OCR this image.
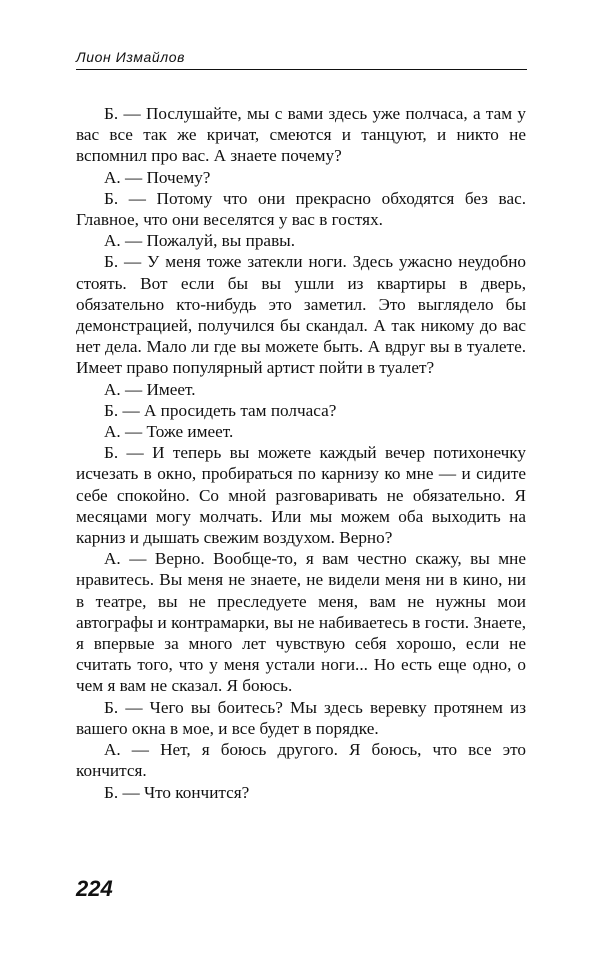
Лион Измайлов

Б. — Послушайте, мы с вами здесь уже полчаса, а там у вас все так же кричат, смеются и танцуют, и никто не вспомнил про вас. А знаете почему?

А. — Почему?

Б. — Потому что они прекрасно обходятся без вас. Главное, что они веселятся у вас в гостях.

А. — Пожалуй, вы правы.

Б. — У меня тоже затекли ноги. Здесь ужасно неудобно стоять. Вот если бы вы ушли из квартиры в дверь, обязательно кто-нибудь это заметил. Это выглядело бы демонстрацией, получился бы скандал. А так никому до вас нет дела. Мало ли где вы можете быть. А вдруг вы в туалете. Имеет право популярный артист пойти в туалет?

А. — Имеет.

Б. — А просидеть там полчаса?

А. — Тоже имеет.

Б. — И теперь вы можете каждый вечер потихонечку исчезать в окно, пробираться по карнизу ко мне — и сидите себе спокойно. Со мной разговаривать не обязательно. Я месяцами могу молчать. Или мы можем оба выходить на карниз и дышать свежим воздухом. Верно?

А. — Верно. Вообще-то, я вам честно скажу, вы мне нравитесь. Вы меня не знаете, не видели меня ни в кино, ни в театре, вы не преследуете меня, вам не нужны мои автографы и контрамарки, вы не набиваетесь в гости. Знаете, я впервые за много лет чувствую себя хорошо, если не считать того, что у меня устали ноги... Но есть еще одно, о чем я вам не сказал. Я боюсь.

Б. — Чего вы боитесь? Мы здесь веревку протянем из вашего окна в мое, и все будет в порядке.

А. — Нет, я боюсь другого. Я боюсь, что все это кончится.

Б. — Что кончится?

224
